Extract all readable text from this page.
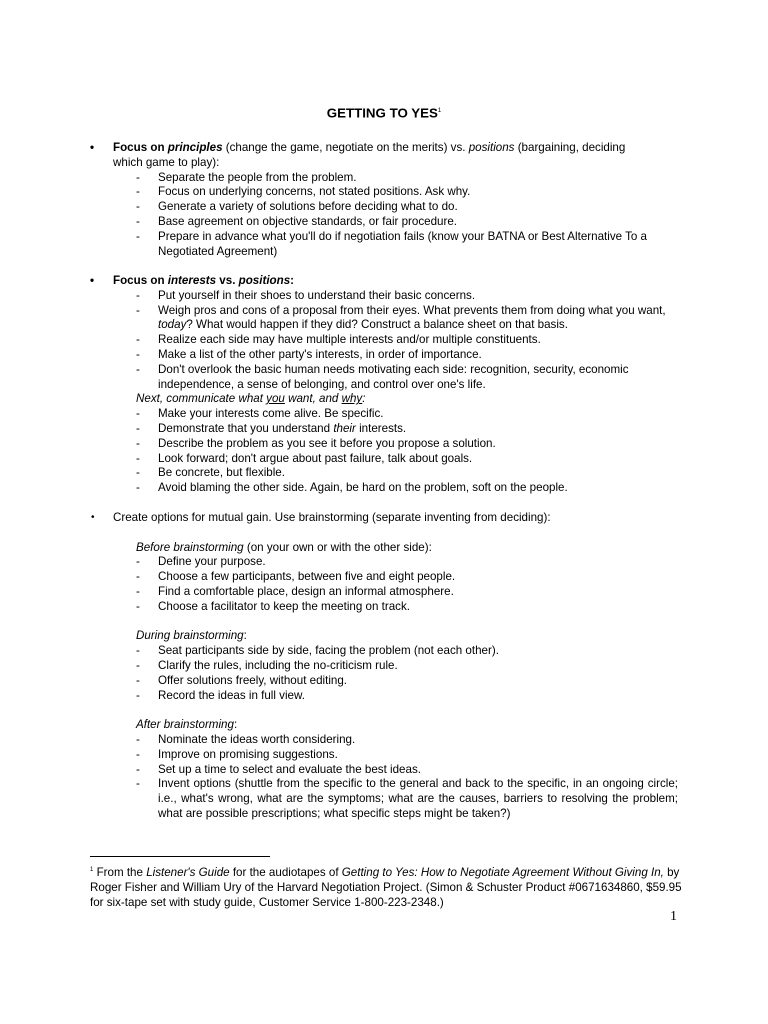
GETTING TO YES$^1$
• Focus on principles (change the game, negotiate on the merits) vs. positions (bargaining, deciding
which game to play):
- Separate the people from the problem.
- Focus on underlying concerns, not stated positions. Ask why.
- Generate a variety of solutions before deciding what to do.
- Base agreement on objective standards, or fair procedure.
- Prepare in advance what you'll do if negotiation fails (know your BATNA or Best Alternative To a Negotiated Agreement)
• Focus on interests vs. positions:
- Put yourself in their shoes to understand their basic concerns.
- Weigh pros and cons of a proposal from their eyes. What prevents them from doing what you want, today? What would happen if they did? Construct a balance sheet on that basis.
- Realize each side may have multiple interests and/or multiple constituents.
- Make a list of the other party's interests, in order of importance.
- Don't overlook the basic human needs motivating each side: recognition, security, economic independence, a sense of belonging, and control over one's life.
Next, communicate what you want, and why:
- Make your interests come alive. Be specific.
- Demonstrate that you understand their interests.
- Describe the problem as you see it before you propose a solution.
- Look forward; don't argue about past failure, talk about goals.
- Be concrete, but flexible.
- Avoid blaming the other side. Again, be hard on the problem, soft on the people.
• Create options for mutual gain. Use brainstorming (separate inventing from deciding):
Before brainstorming (on your own or with the other side):
- Define your purpose.
- Choose a few participants, between five and eight people.
- Find a comfortable place, design an informal atmosphere.
- Choose a facilitator to keep the meeting on track.
During brainstorming:
- Seat participants side by side, facing the problem (not each other).
- Clarify the rules, including the no-criticism rule.
- Offer solutions freely, without editing.
- Record the ideas in full view.
After brainstorming:
- Nominate the ideas worth considering.
- Improve on promising suggestions.
- Set up a time to select and evaluate the best ideas.
- Invent options (shuttle from the specific to the general and back to the specific, in an ongoing circle; i.e., what's wrong, what are the symptoms; what are the causes, barriers to resolving the problem; what are possible prescriptions; what specific steps might be taken?)
$^1$ From the Listener's Guide for the audiotapes of Getting to Yes: How to Negotiate Agreement Without Giving In, by Roger Fisher and William Ury of the Harvard Negotiation Project. (Simon & Schuster Product #0671634860, $59.95 for six-tape set with study guide, Customer Service 1-800-223-2348.)
1
